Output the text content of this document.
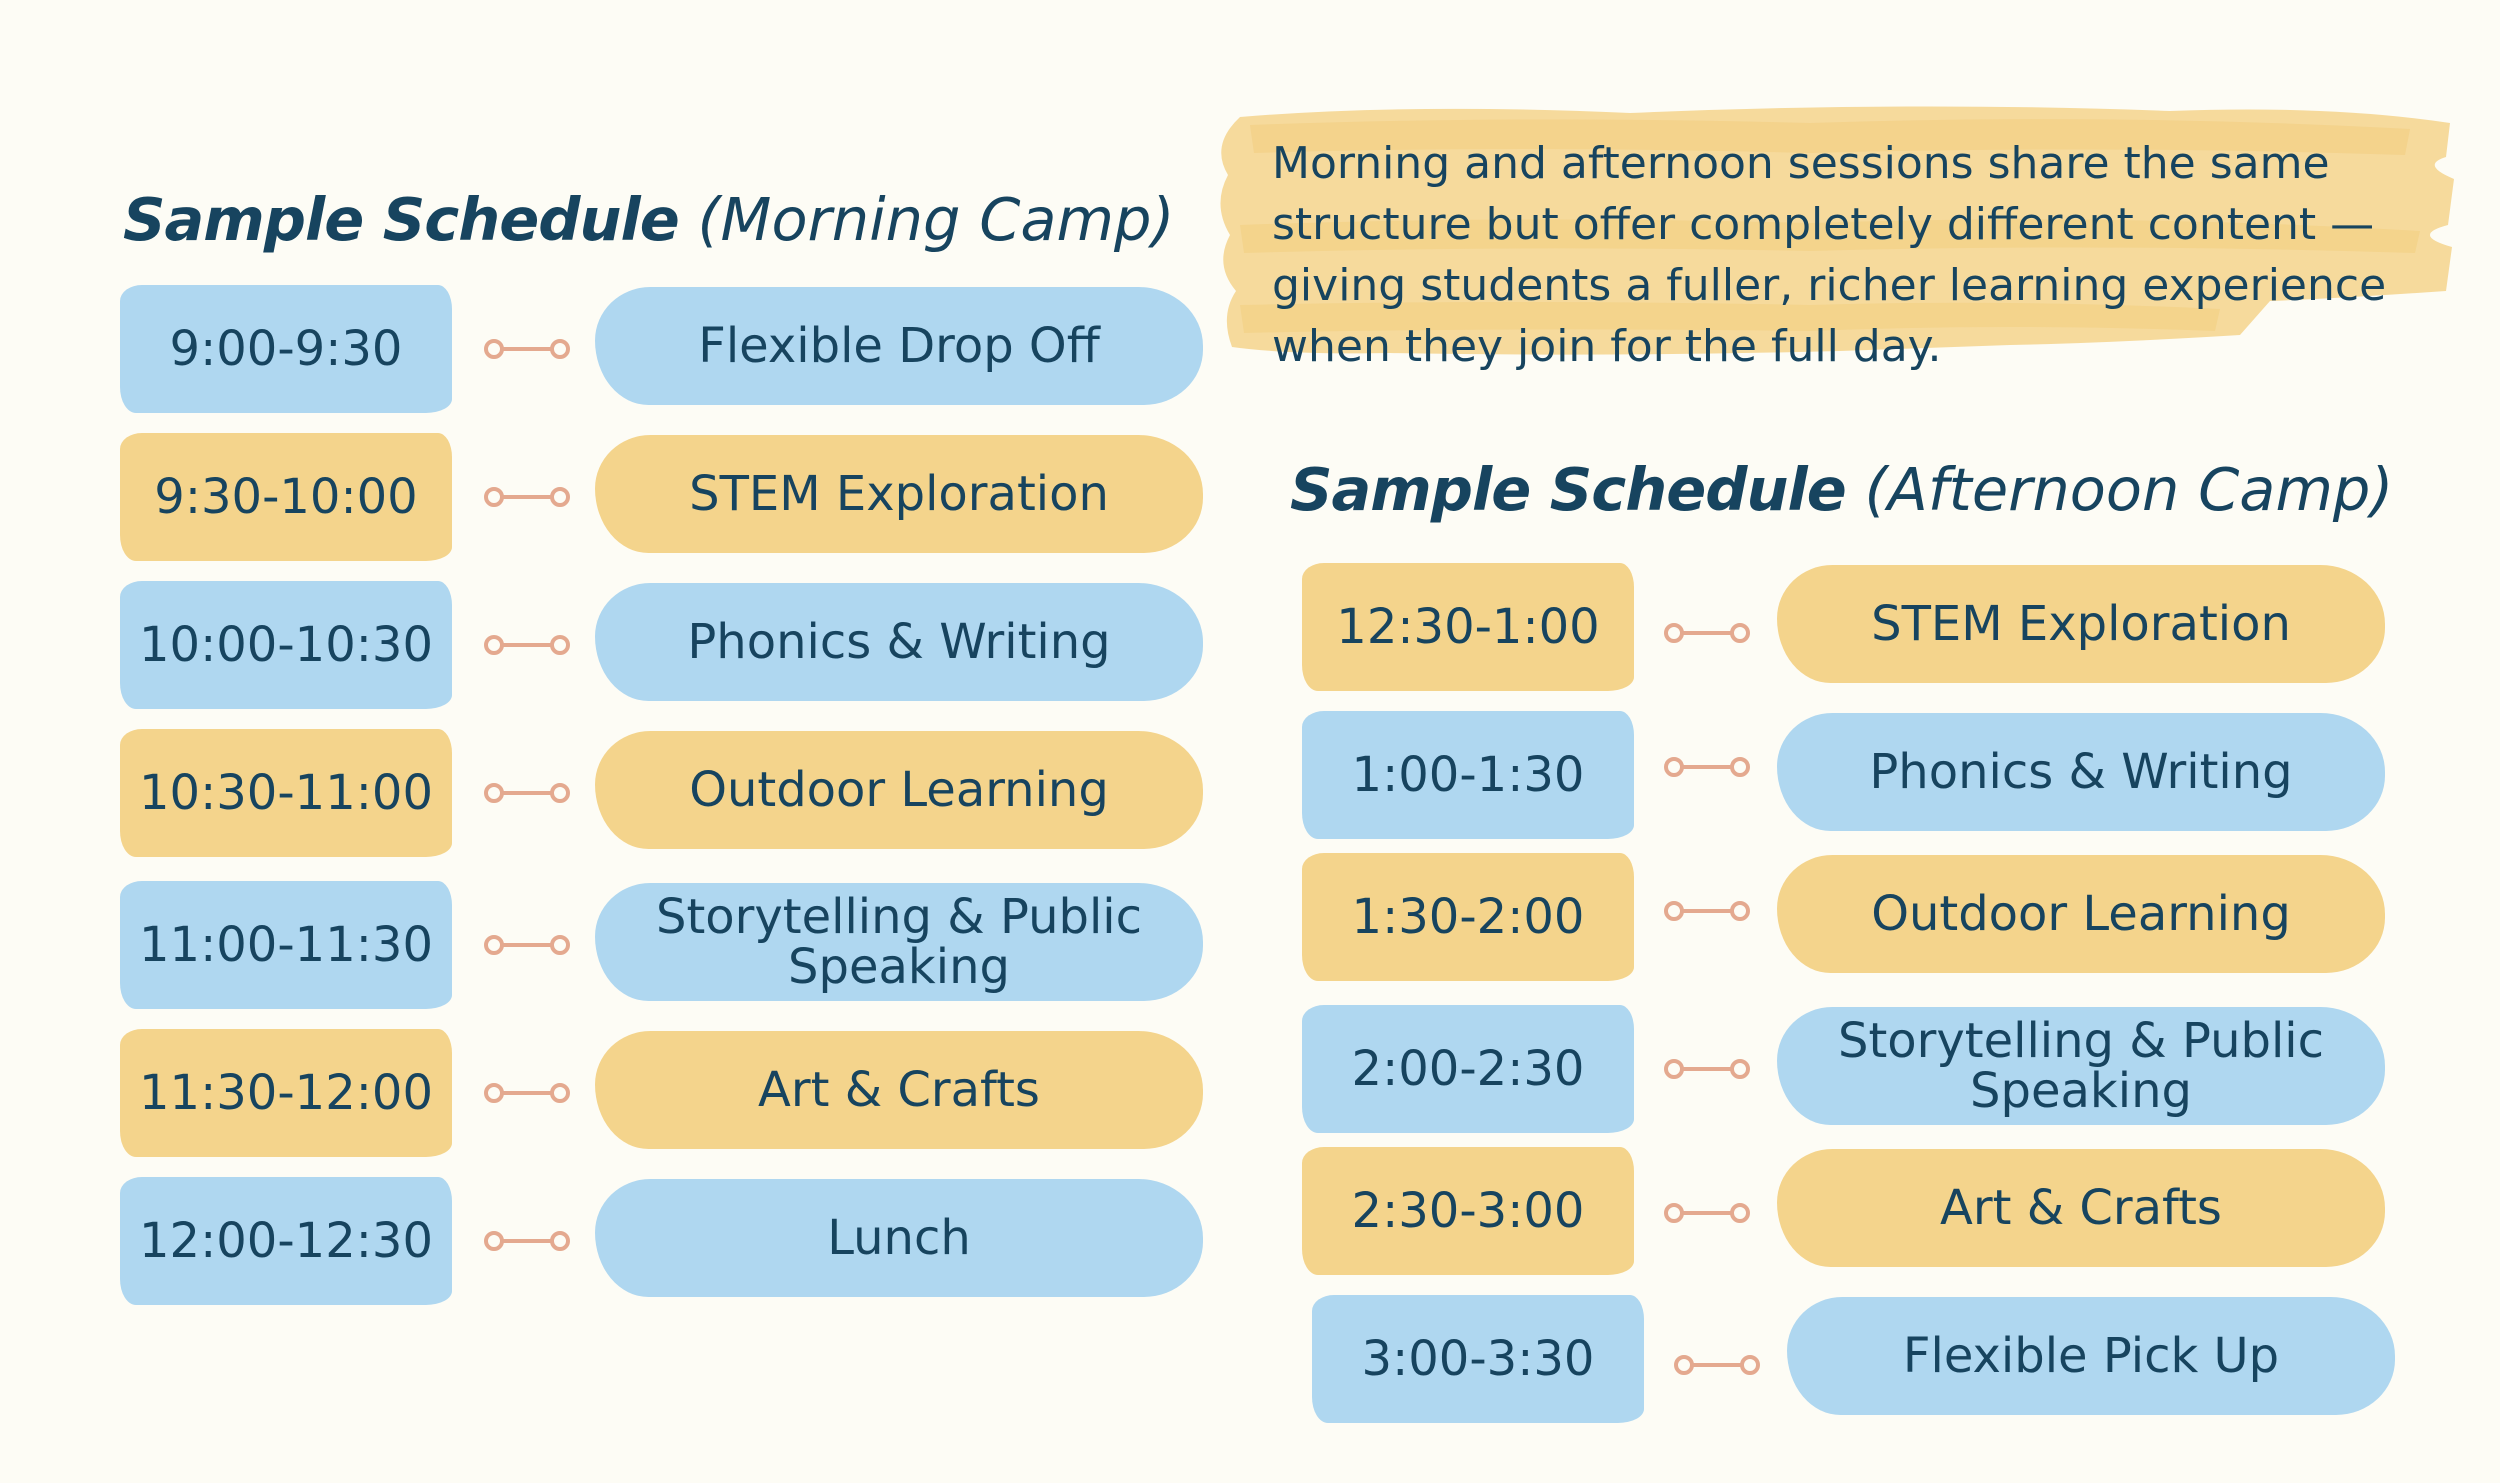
Sample Schedule (Morning Camp)
Morning and afternoon sessions share the same structure but offer completely different content — giving students a fuller, richer learning experience when they join for the full day.
Sample Schedule (Afternoon Camp)
9:00-9:30	Flexible Drop Off
9:30-10:00	STEM Exploration
10:00-10:30	Phonics & Writing
10:30-11:00	Outdoor Learning
11:00-11:30	Storytelling & Public Speaking
11:30-12:00	Art & Crafts
12:00-12:30	Lunch
12:30-1:00	STEM Exploration
1:00-1:30	Phonics & Writing
1:30-2:00	Outdoor Learning
2:00-2:30	Storytelling & Public Speaking
2:30-3:00	Art & Crafts
3:00-3:30	Flexible Pick Up
